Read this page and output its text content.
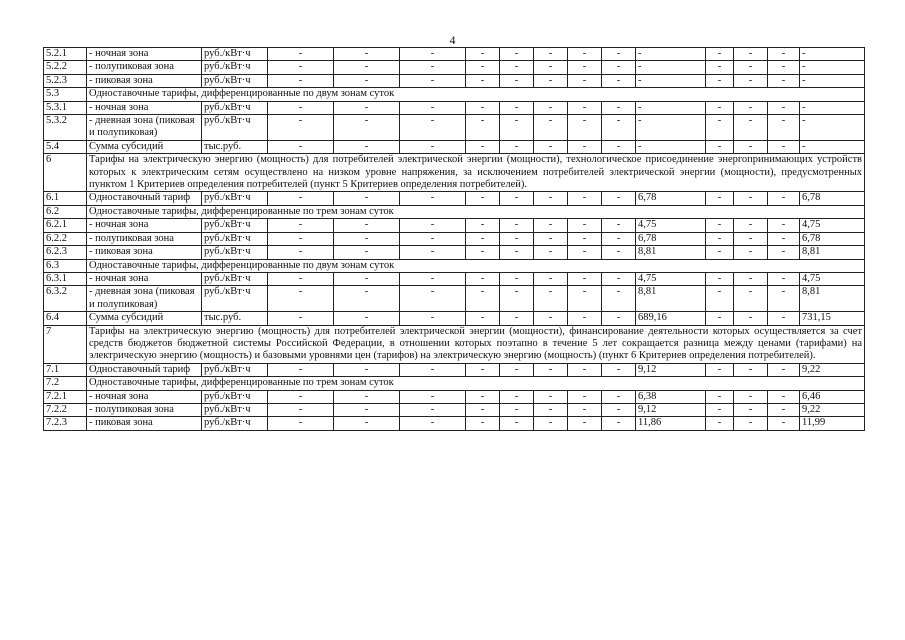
4
5.2.1	- ночная зона	руб./кВт·ч	-	-	-	-	-	-	-	-	-	-	-	-	-
5.2.2	- полупиковая зона	руб./кВт·ч	-	-	-	-	-	-	-	-	-	-	-	-	-
5.2.3	- пиковая зона	руб./кВт·ч	-	-	-	-	-	-	-	-	-	-	-	-	-
5.3	Одноставочные тарифы, дифференцированные по двум зонам суток														
5.3.1	- ночная зона	руб./кВт·ч	-	-	-	-	-	-	-	-	-	-	-	-	-
5.3.2	- дневная зона (пиковая и полупиковая)	руб./кВт·ч	-	-	-	-	-	-	-	-	-	-	-	-	-
5.4	Сумма субсидий	тыс.руб.	-	-	-	-	-	-	-	-	-	-	-	-	-
6	Тарифы на электрическую энергию (мощность) для потребителей электрической энергии (мощности), технологическое присоединение энергопринимающих устройств которых к электрическим сетям осуществлено на низком уровне напряжения, за исключением потребителей электрической энергии (мощности), предусмотренных пунктом 1 Критериев определения потребителей (пункт 5 Критериев определения потребителей).														
6.1	Одноставочный тариф	руб./кВт·ч	-	-	-	-	-	-	-	-	6,78	-	-	-	6,78
6.2	Одноставочные тарифы, дифференцированные по трем зонам суток														
6.2.1	- ночная зона	руб./кВт·ч	-	-	-	-	-	-	-	-	4,75	-	-	-	4,75
6.2.2	- полупиковая зона	руб./кВт·ч	-	-	-	-	-	-	-	-	6,78	-	-	-	6,78
6.2.3	- пиковая зона	руб./кВт·ч	-	-	-	-	-	-	-	-	8,81	-	-	-	8,81
6.3	Одноставочные тарифы, дифференцированные по двум зонам суток														
6.3.1	- ночная зона	руб./кВт·ч	-	-	-	-	-	-	-	-	4,75	-	-	-	4,75
6.3.2	- дневная зона (пиковая и полупиковая)	руб./кВт·ч	-	-	-	-	-	-	-	-	8,81	-	-	-	8,81
6.4	Сумма субсидий	тыс.руб.	-	-	-	-	-	-	-	-	689,16	-	-	-	731,15
7	Тарифы на электрическую энергию (мощность) для потребителей электрической энергии (мощности), финансирование деятельности которых осуществляется за счет средств бюджетов бюджетной системы Российской Федерации, в отношении которых поэтапно в течение 5 лет сокращается разница между ценами (тарифами) на электрическую энергию (мощность) и базовыми уровнями цен (тарифов) на электрическую энергию (мощность) (пункт 6 Критериев определения потребителей).														
7.1	Одноставочный тариф	руб./кВт·ч	-	-	-	-	-	-	-	-	9,12	-	-	-	9,22
7.2	Одноставочные тарифы, дифференцированные по трем зонам суток														
7.2.1	- ночная зона	руб./кВт·ч	-	-	-	-	-	-	-	-	6,38	-	-	-	6,46
7.2.2	- полупиковая зона	руб./кВт·ч	-	-	-	-	-	-	-	-	9,12	-	-	-	9,22
7.2.3	- пиковая зона	руб./кВт·ч	-	-	-	-	-	-	-	-	11,86	-	-	-	11,99
